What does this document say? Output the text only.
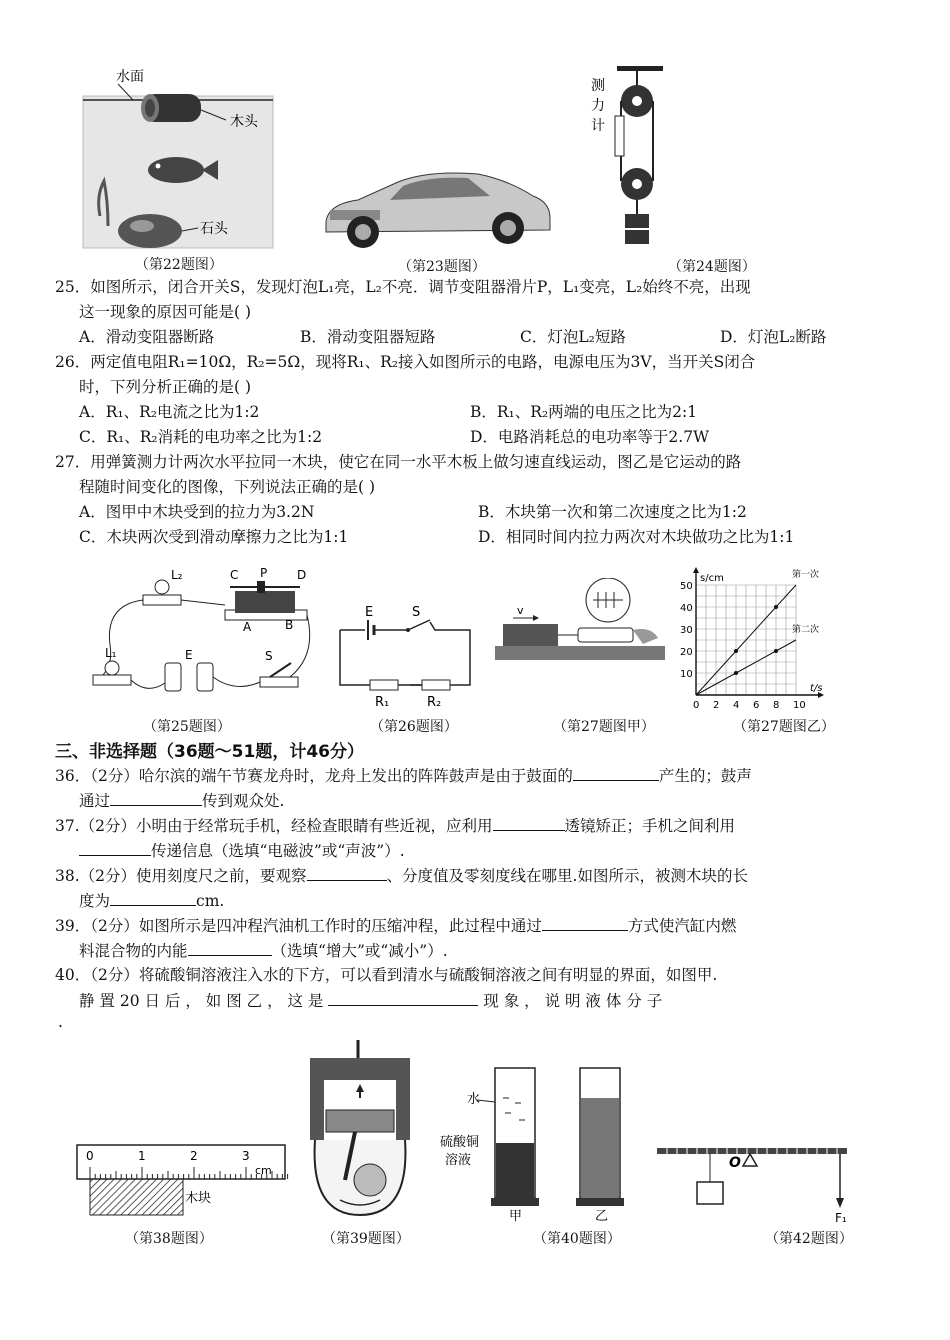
水面
木头
石头
（第22题图）	（第23题图）
测
力
计
（第24题图）
25．如图所示，闭合开关S，发现灯泡L₁亮，L₂不亮．调节变阻器滑片P，L₁变亮，L₂始终不亮，出现
这一现象的原因可能是( )
A．滑动变阻器断路	B．滑动变阻器短路	C．灯泡L₂短路	D．灯泡L₂断路
26．两定值电阻R₁=10Ω，R₂=5Ω，现将R₁、R₂接入如图所示的电路，电源电压为3V，当开关S闭合
时，下列分析正确的是( )
A．R₁、R₂电流之比为1:2	B．R₁、R₂两端的电压之比为2:1
C．R₁、R₂消耗的电功率之比为1:2	D．电路消耗总的电功率等于2.7W
27．用弹簧测力计两次水平拉同一木块，使它在同一水平木板上做匀速直线运动，图乙是它运动的路
程随时间变化的图像，下列说法正确的是( )
A．图甲中木块受到的拉力为3.2N	B．木块第一次和第二次速度之比为1:2
C．木块两次受到滑动摩擦力之比为1:1	D．相同时间内拉力两次对木块做功之比为1:1
L₂	C P D
A	B
L₁	E	S
（第25题图）
E	S
R₁	R₂
（第26题图）
v
（第27题图甲）
0 2 4 6 8 10
10
20
30
40
50
t/s
s/cm	第一次
第二次
（第27题图乙）
三、非选择题（36题～51题，计46分）
36．（2分）哈尔滨的端午节赛龙舟时，龙舟上发出的阵阵鼓声是由于鼓面的	产生的；鼓声
通过	传到观众处.
37.（2分）小明由于经常玩手机，经检查眼睛有些近视，应利用	透镜矫正；手机之间利用
传递信息（选填“电磁波”或“声波”）.
38.（2分）使用刻度尺之前，要观察	、分度值及零刻度线在哪里.如图所示，被测木块的长
度为	cm.
39．（2分）如图所示是四冲程汽油机工作时的压缩冲程，此过程中通过	方式使汽缸内燃
料混合物的内能	（选填“增大”或“减小”）.
40．（2分）将硫酸铜溶液注入水的下方，可以看到清水与硫酸铜溶液之间有明显的界面，如图甲.
静 置 20 日 后 ， 如 图 乙 ， 这 是	现 象 ， 说 明 液 体 分 子
.
0	1	2	3
cm
木块
（第38题图）	（第39题图）
水
硫酸铜
溶液
甲	乙
（第40题图）
O
F₁
（第42题图）
